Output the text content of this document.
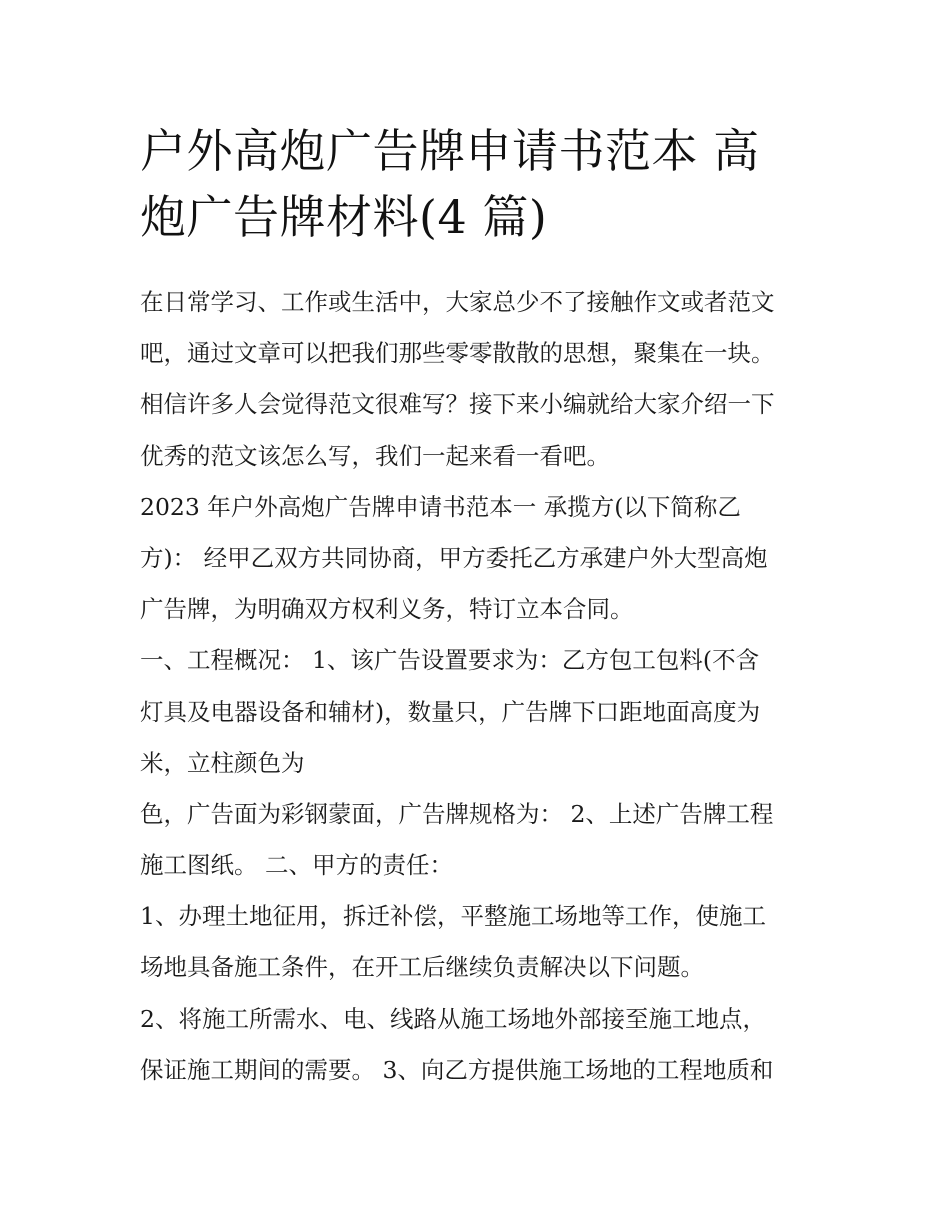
户外高炮广告牌申请书范本 高
炮广告牌材料(4 篇)

在日常学习、工作或生活中，大家总少不了接触作文或者范文

吧，通过文章可以把我们那些零零散散的思想，聚集在一块。

相信许多人会觉得范文很难写？接下来小编就给大家介绍一下

优秀的范文该怎么写，我们一起来看一看吧。

2023 年户外高炮广告牌申请书范本一 承揽方(以下简称乙

方)： 经甲乙双方共同协商，甲方委托乙方承建户外大型高炮

广告牌，为明确双方权利义务，特订立本合同。

一、工程概况： 1、该广告设置要求为：乙方包工包料(不含

灯具及电器设备和辅材)，数量只，广告牌下口距地面高度为

米，立柱颜色为

色，广告面为彩钢蒙面，广告牌规格为： 2、上述广告牌工程

施工图纸。 二、甲方的责任：

1、办理土地征用，拆迁补偿，平整施工场地等工作，使施工

场地具备施工条件，在开工后继续负责解决以下问题。

2、将施工所需水、电、线路从施工场地外部接至施工地点，

保证施工期间的需要。 3、向乙方提供施工场地的工程地质和
